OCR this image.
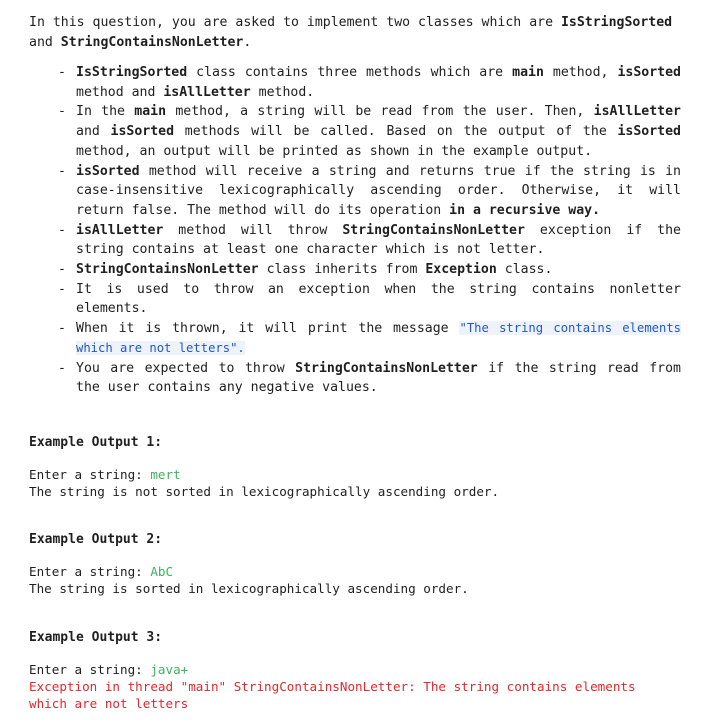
In this question, you are asked to implement two classes which are IsStringSorted
and StringContainsNonLetter.

- IsStringSorted class contains three methods which are main method, isSorted method and isAllLetter method.
- In the main method, a string will be read from the user. Then, isAllLetter and isSorted methods will be called. Based on the output of the isSorted method, an output will be printed as shown in the example output.
- isSorted method will receive a string and returns true if the string is in case-insensitive lexicographically ascending order. Otherwise, it will return false. The method will do its operation in a recursive way.
- isAllLetter method will throw StringContainsNonLetter exception if the string contains at least one character which is not letter.
- StringContainsNonLetter class inherits from Exception class.
- It is used to throw an exception when the string contains nonletter elements.
- When it is thrown, it will print the message "The string contains elements which are not letters".
- You are expected to throw StringContainsNonLetter if the string read from the user contains any negative values.

Example Output 1:

Enter a string: mert
The string is not sorted in lexicographically ascending order.

Example Output 2:

Enter a string: AbC
The string is sorted in lexicographically ascending order.

Example Output 3:

Enter a string: java+
Exception in thread "main" StringContainsNonLetter: The string contains elements which are not letters
